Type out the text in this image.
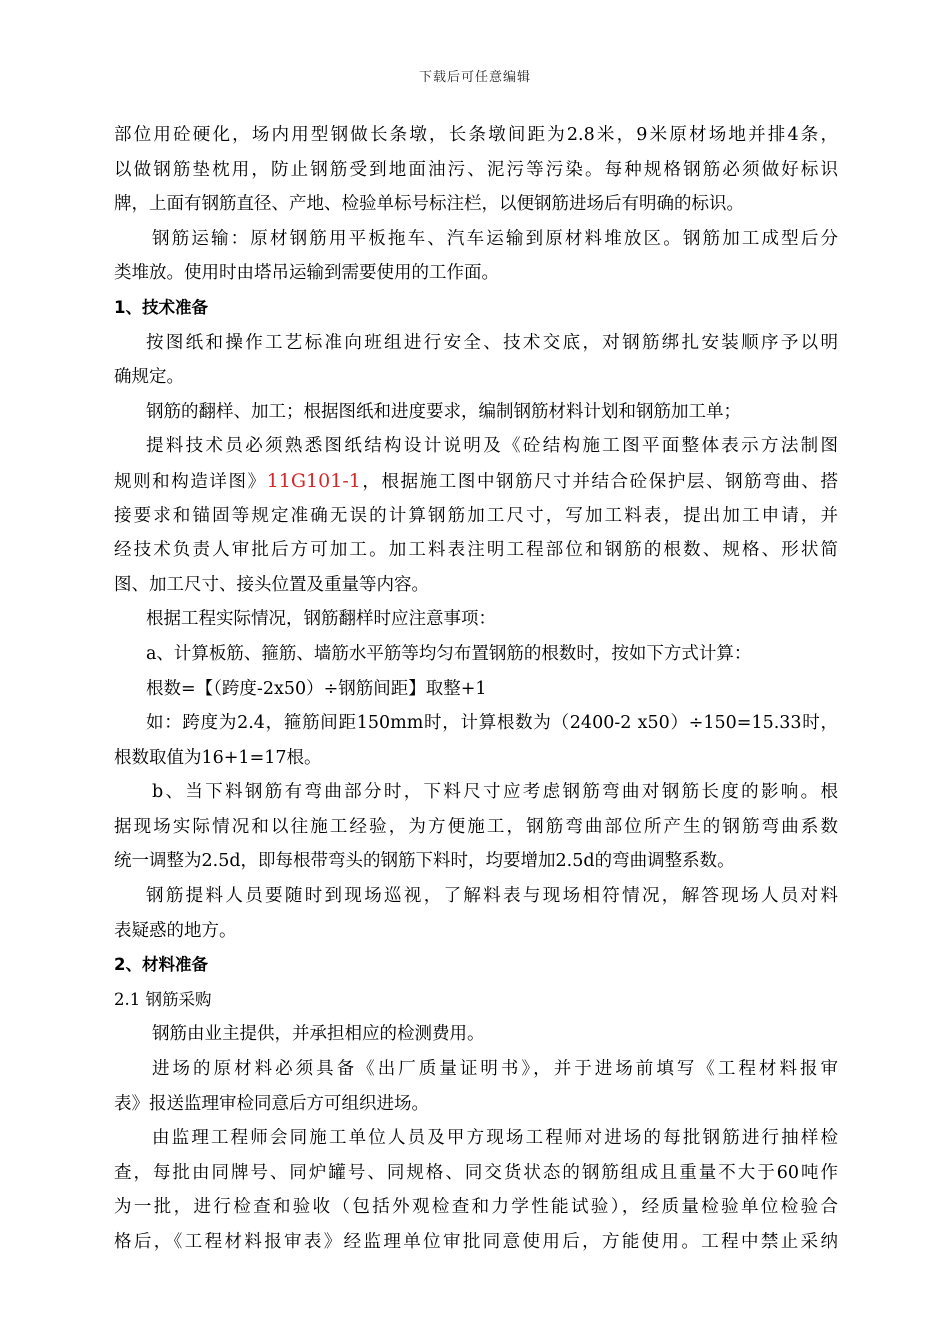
下载后可任意编辑
部位用砼硬化，场内用型钢做长条墩，长条墩间距为2.8米，9米原材场地并排4条，
以做钢筋垫枕用，防止钢筋受到地面油污、泥污等污染。每种规格钢筋必须做好标识
牌，上面有钢筋直径、产地、检验单标号标注栏，以便钢筋进场后有明确的标识。
钢筋运输：原材钢筋用平板拖车、汽车运输到原材料堆放区。钢筋加工成型后分
类堆放。使用时由塔吊运输到需要使用的工作面。
1、技术准备
按图纸和操作工艺标准向班组进行安全、技术交底，对钢筋绑扎安装顺序予以明
确规定。
钢筋的翻样、加工；根据图纸和进度要求，编制钢筋材料计划和钢筋加工单；
提料技术员必须熟悉图纸结构设计说明及《砼结构施工图平面整体表示方法制图
规则和构造详图》11G101-1，根据施工图中钢筋尺寸并结合砼保护层、钢筋弯曲、搭
接要求和锚固等规定准确无误的计算钢筋加工尺寸，写加工料表，提出加工申请，并
经技术负责人审批后方可加工。加工料表注明工程部位和钢筋的根数、规格、形状简
图、加工尺寸、接头位置及重量等内容。
根据工程实际情况，钢筋翻样时应注意事项：
a、计算板筋、箍筋、墙筋水平筋等均匀布置钢筋的根数时，按如下方式计算：
根数=【（跨度-2x50）÷钢筋间距】取整+1
如：跨度为2.4，箍筋间距150mm时，计算根数为（2400-2 x50）÷150=15.33时，
根数取值为16+1=17根。
b、当下料钢筋有弯曲部分时，下料尺寸应考虑钢筋弯曲对钢筋长度的影响。根
据现场实际情况和以往施工经验，为方便施工，钢筋弯曲部位所产生的钢筋弯曲系数
统一调整为2.5d，即每根带弯头的钢筋下料时，均要增加2.5d的弯曲调整系数。
钢筋提料人员要随时到现场巡视，了解料表与现场相符情况，解答现场人员对料
表疑惑的地方。
2、材料准备
2.1 钢筋采购
钢筋由业主提供，并承担相应的检测费用。
进场的原材料必须具备《出厂质量证明书》，并于进场前填写《工程材料报审
表》报送监理审检同意后方可组织进场。
由监理工程师会同施工单位人员及甲方现场工程师对进场的每批钢筋进行抽样检
查，每批由同牌号、同炉罐号、同规格、同交货状态的钢筋组成且重量不大于60吨作
为一批，进行检查和验收（包括外观检查和力学性能试验），经质量检验单位检验合
格后，《工程材料报审表》经监理单位审批同意使用后，方能使用。工程中禁止采纳
